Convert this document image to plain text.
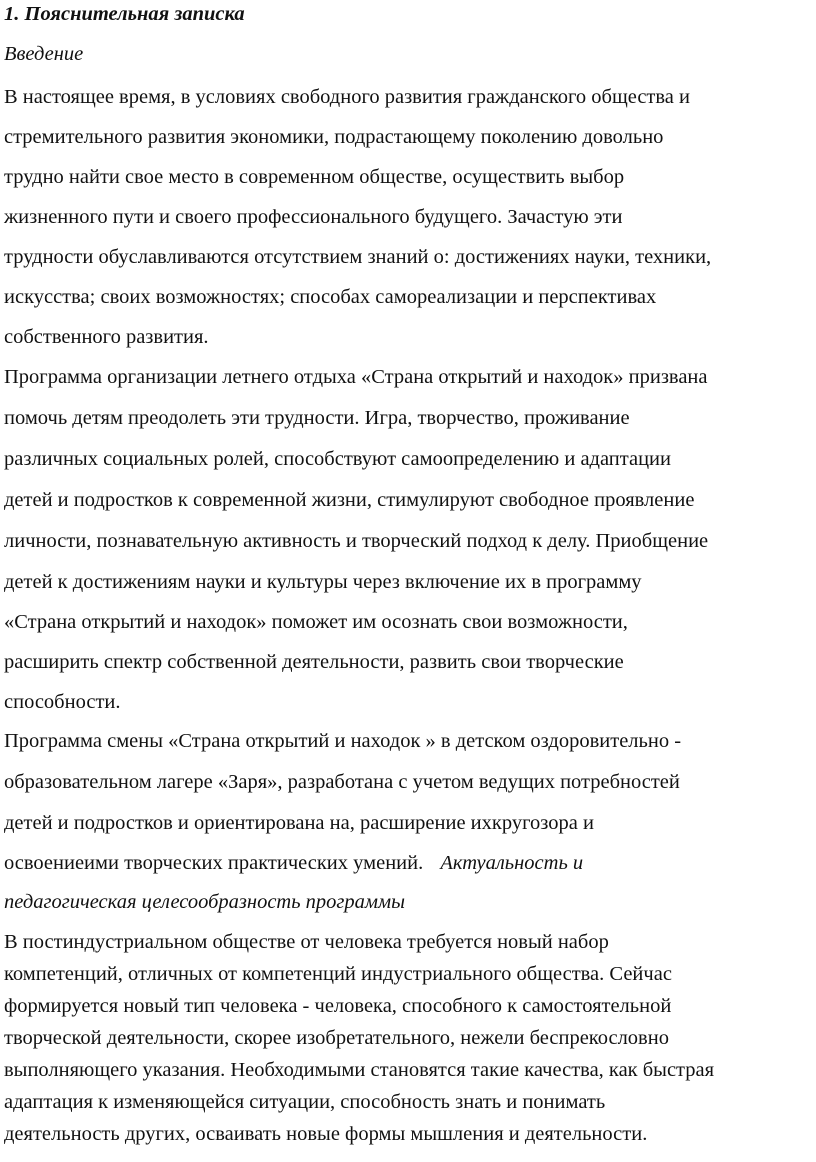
1. Пояснительная записка
Введение
В настоящее время, в условиях свободного развития гражданского общества и
стремительного развития экономики, подрастающему поколению довольно
трудно найти свое место в современном обществе, осуществить выбор
жизненного пути и своего профессионального будущего. Зачастую эти
трудности обуславливаются отсутствием знаний о: достижениях науки, техники,
искусства; своих возможностях; способах самореализации и перспективах
собственного развития.
Программа организации летнего отдыха «Страна открытий и находок» призвана
помочь детям преодолеть эти трудности. Игра, творчество, проживание
различных социальных ролей, способствуют самоопределению и адаптации
детей и подростков к современной жизни, стимулируют свободное проявление
личности, познавательную активность и творческий подход к делу. Приобщение
детей к достижениям науки и культуры через включение их в программу
«Страна открытий и находок» поможет им осознать свои возможности,
расширить спектр собственной деятельности, развить свои творческие
способности.
Программа смены «Страна открытий и находок » в детском оздоровительно -
образовательном лагере «Заря», разработана с учетом ведущих потребностей
детей и подростков и ориентирована на, расширение ихкругозора и
освоениеими творческих практических умений. Актуальность и
педагогическая целесообразность программы
В постиндустриальном обществе от человека требуется новый набор
компетенций, отличных от компетенций индустриального общества. Сейчас
формируется новый тип человека - человека, способного к самостоятельной
творческой деятельности, скорее изобретательного, нежели беспрекословно
выполняющего указания. Необходимыми становятся такие качества, как быстрая
адаптация к изменяющейся ситуации, способность знать и понимать
деятельность других, осваивать новые формы мышления и деятельности.
